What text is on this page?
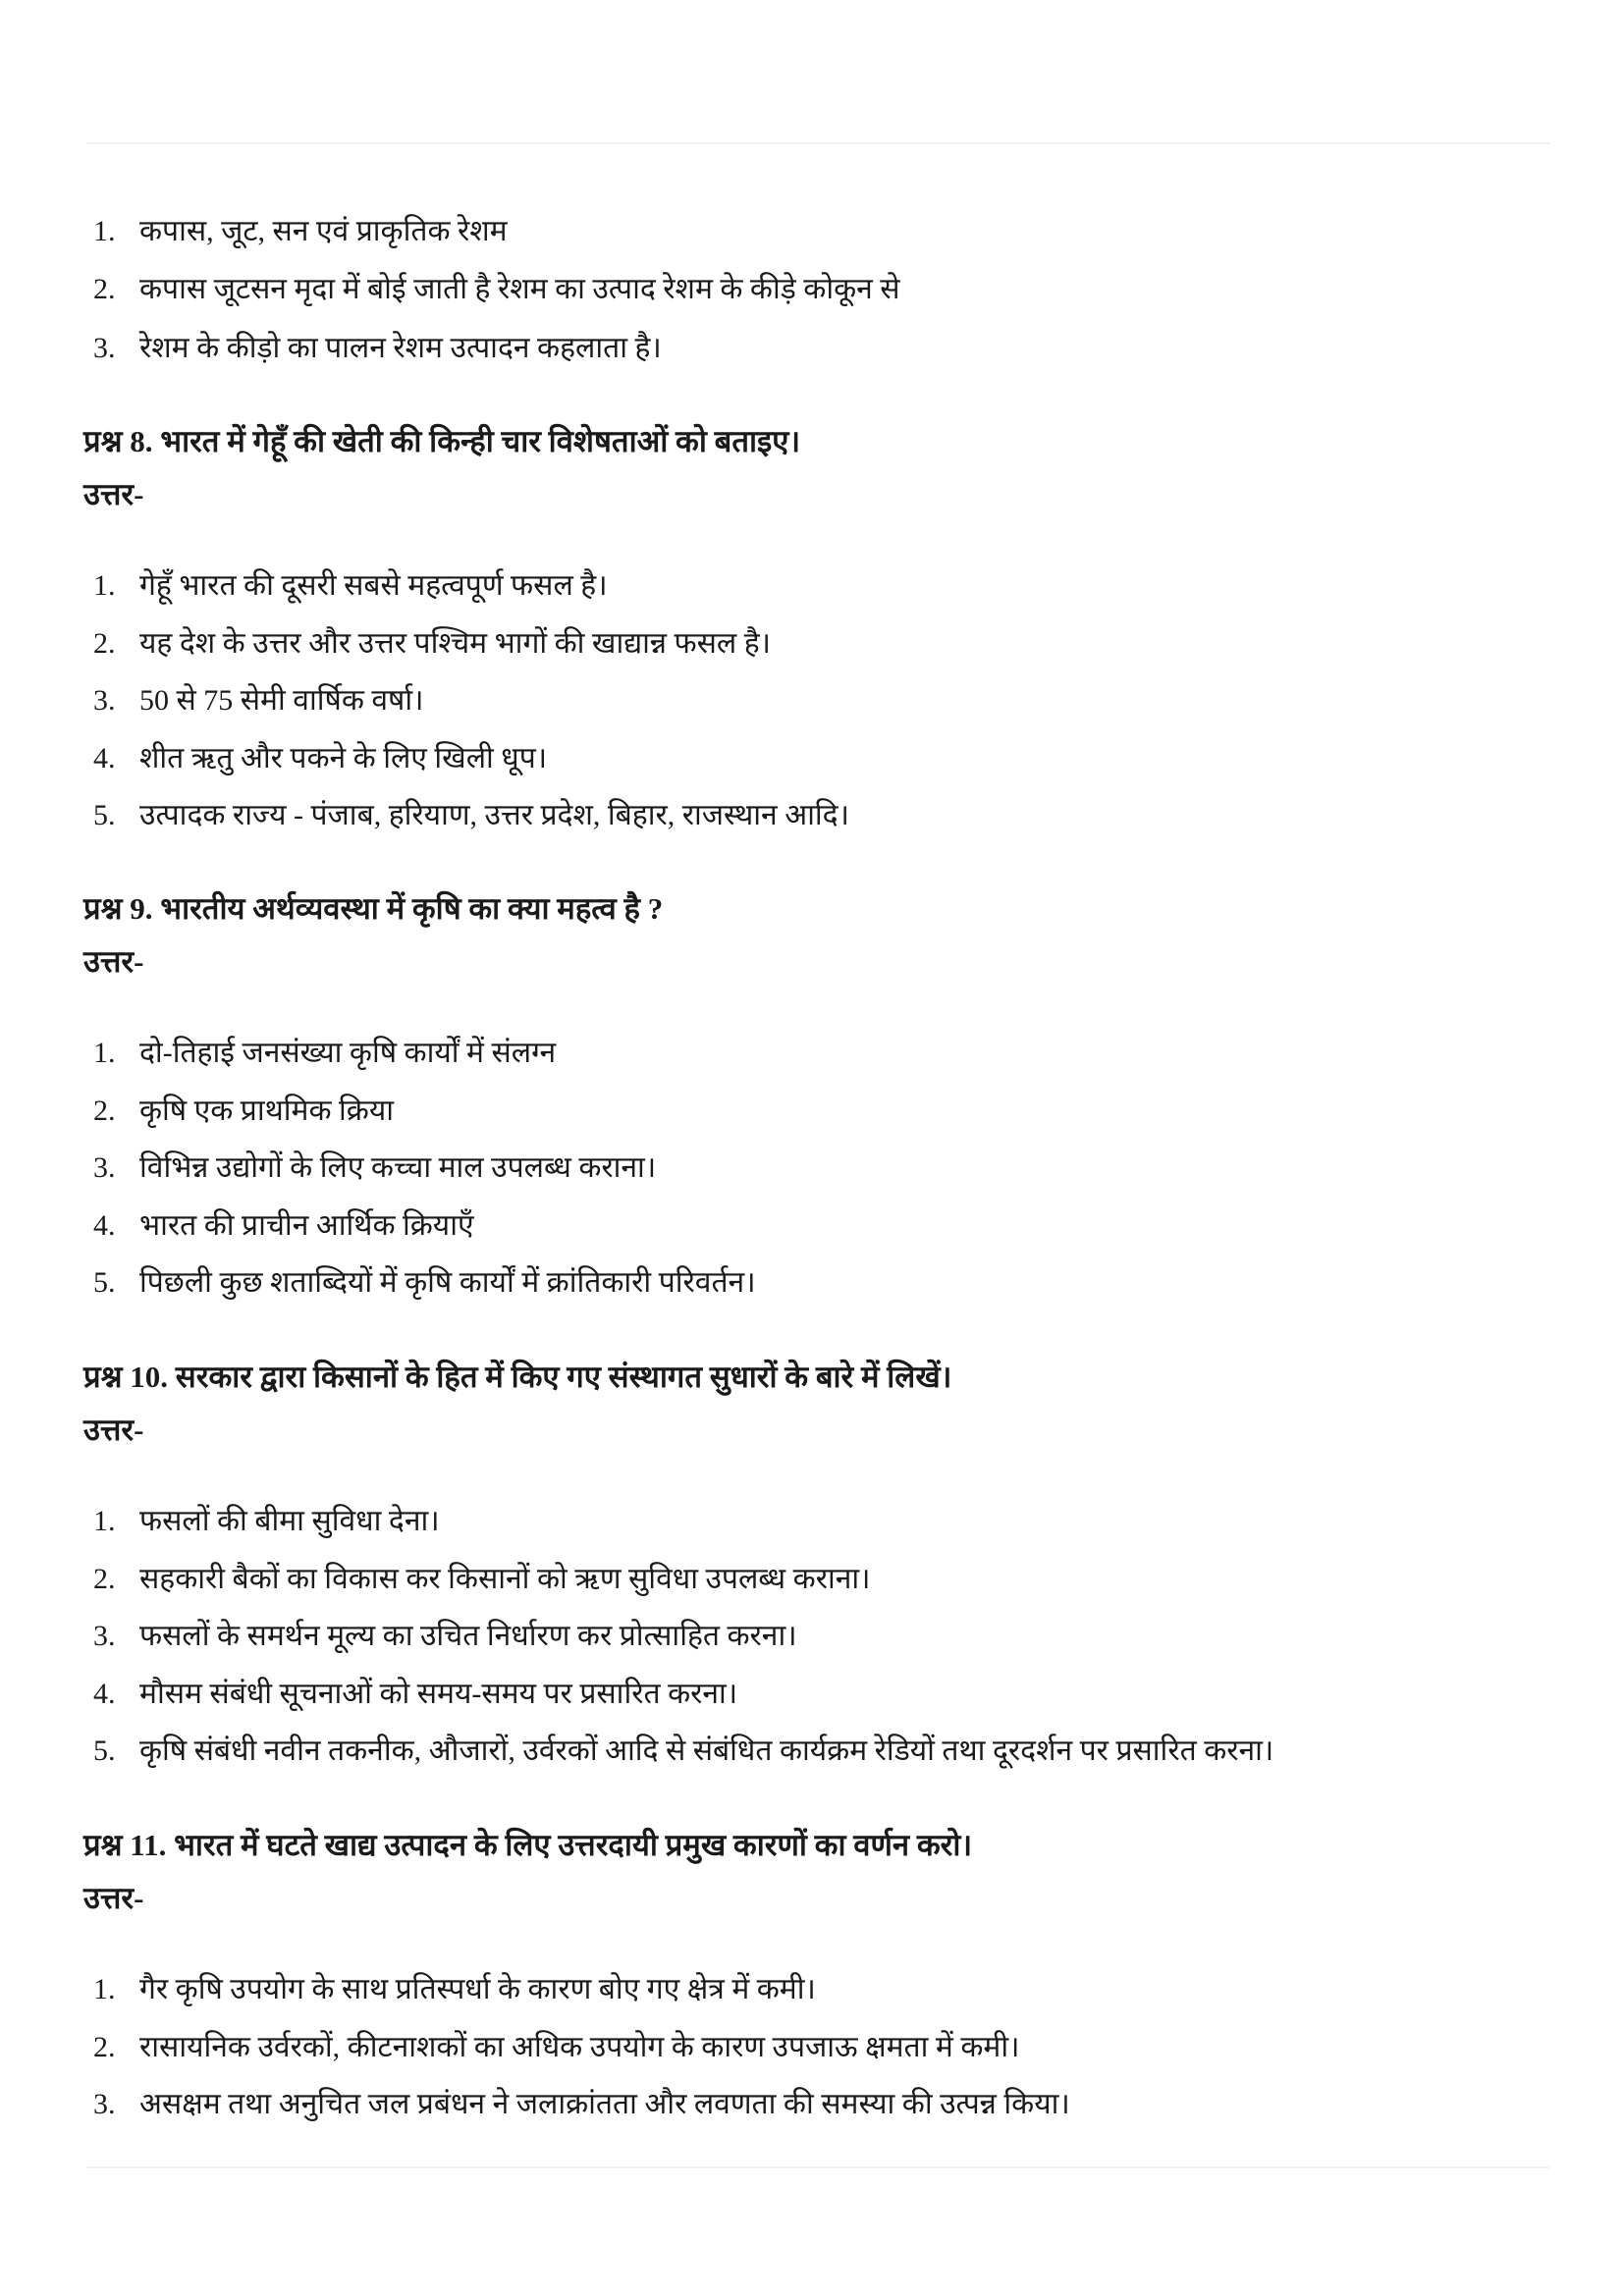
1. कपास, जूट, सन एवं प्राकृतिक रेशम
2. कपास जूटसन मृदा में बोई जाती है रेशम का उत्पाद रेशम के कीड़े कोकून से
3. रेशम के कीड़ो का पालन रेशम उत्पादन कहलाता है।
प्रश्न 8. भारत में गेहूँ की खेती की किन्ही चार विशेषताओं को बताइए।
उत्तर-
1. गेहूँ भारत की दूसरी सबसे महत्वपूर्ण फसल है।
2. यह देश के उत्तर और उत्तर पश्चिम भागों की खाद्यान्न फसल है।
3. 50 से 75 सेमी वार्षिक वर्षा।
4. शीत ऋतु और पकने के लिए खिली धूप।
5. उत्पादक राज्य - पंजाब, हरियाण, उत्तर प्रदेश, बिहार, राजस्थान आदि।
प्रश्न 9. भारतीय अर्थव्यवस्था में कृषि का क्या महत्व है ?
उत्तर-
1. दो-तिहाई जनसंख्या कृषि कार्यों में संलग्न
2. कृषि एक प्राथमिक क्रिया
3. विभिन्न उद्योगों के लिए कच्चा माल उपलब्ध कराना।
4. भारत की प्राचीन आर्थिक क्रियाएँ
5. पिछली कुछ शताब्दियों में कृषि कार्यों में क्रांतिकारी परिवर्तन।
प्रश्न 10. सरकार द्वारा किसानों के हित में किए गए संस्थागत सुधारों के बारे में लिखें।
उत्तर-
1. फसलों की बीमा सुविधा देना।
2. सहकारी बैकों का विकास कर किसानों को ऋण सुविधा उपलब्ध कराना।
3. फसलों के समर्थन मूल्य का उचित निर्धारण कर प्रोत्साहित करना।
4. मौसम संबंधी सूचनाओं को समय-समय पर प्रसारित करना।
5. कृषि संबंधी नवीन तकनीक, औजारों, उर्वरकों आदि से संबंधित कार्यक्रम रेडियों तथा दूरदर्शन पर प्रसारित करना।
प्रश्न 11. भारत में घटते खाद्य उत्पादन के लिए उत्तरदायी प्रमुख कारणों का वर्णन करो।
उत्तर-
1. गैर कृषि उपयोग के साथ प्रतिस्पर्धा के कारण बोए गए क्षेत्र में कमी।
2. रासायनिक उर्वरकों, कीटनाशकों का अधिक उपयोग के कारण उपजाऊ क्षमता में कमी।
3. असक्षम तथा अनुचित जल प्रबंधन ने जलाक्रांतता और लवणता की समस्या की उत्पन्न किया।
